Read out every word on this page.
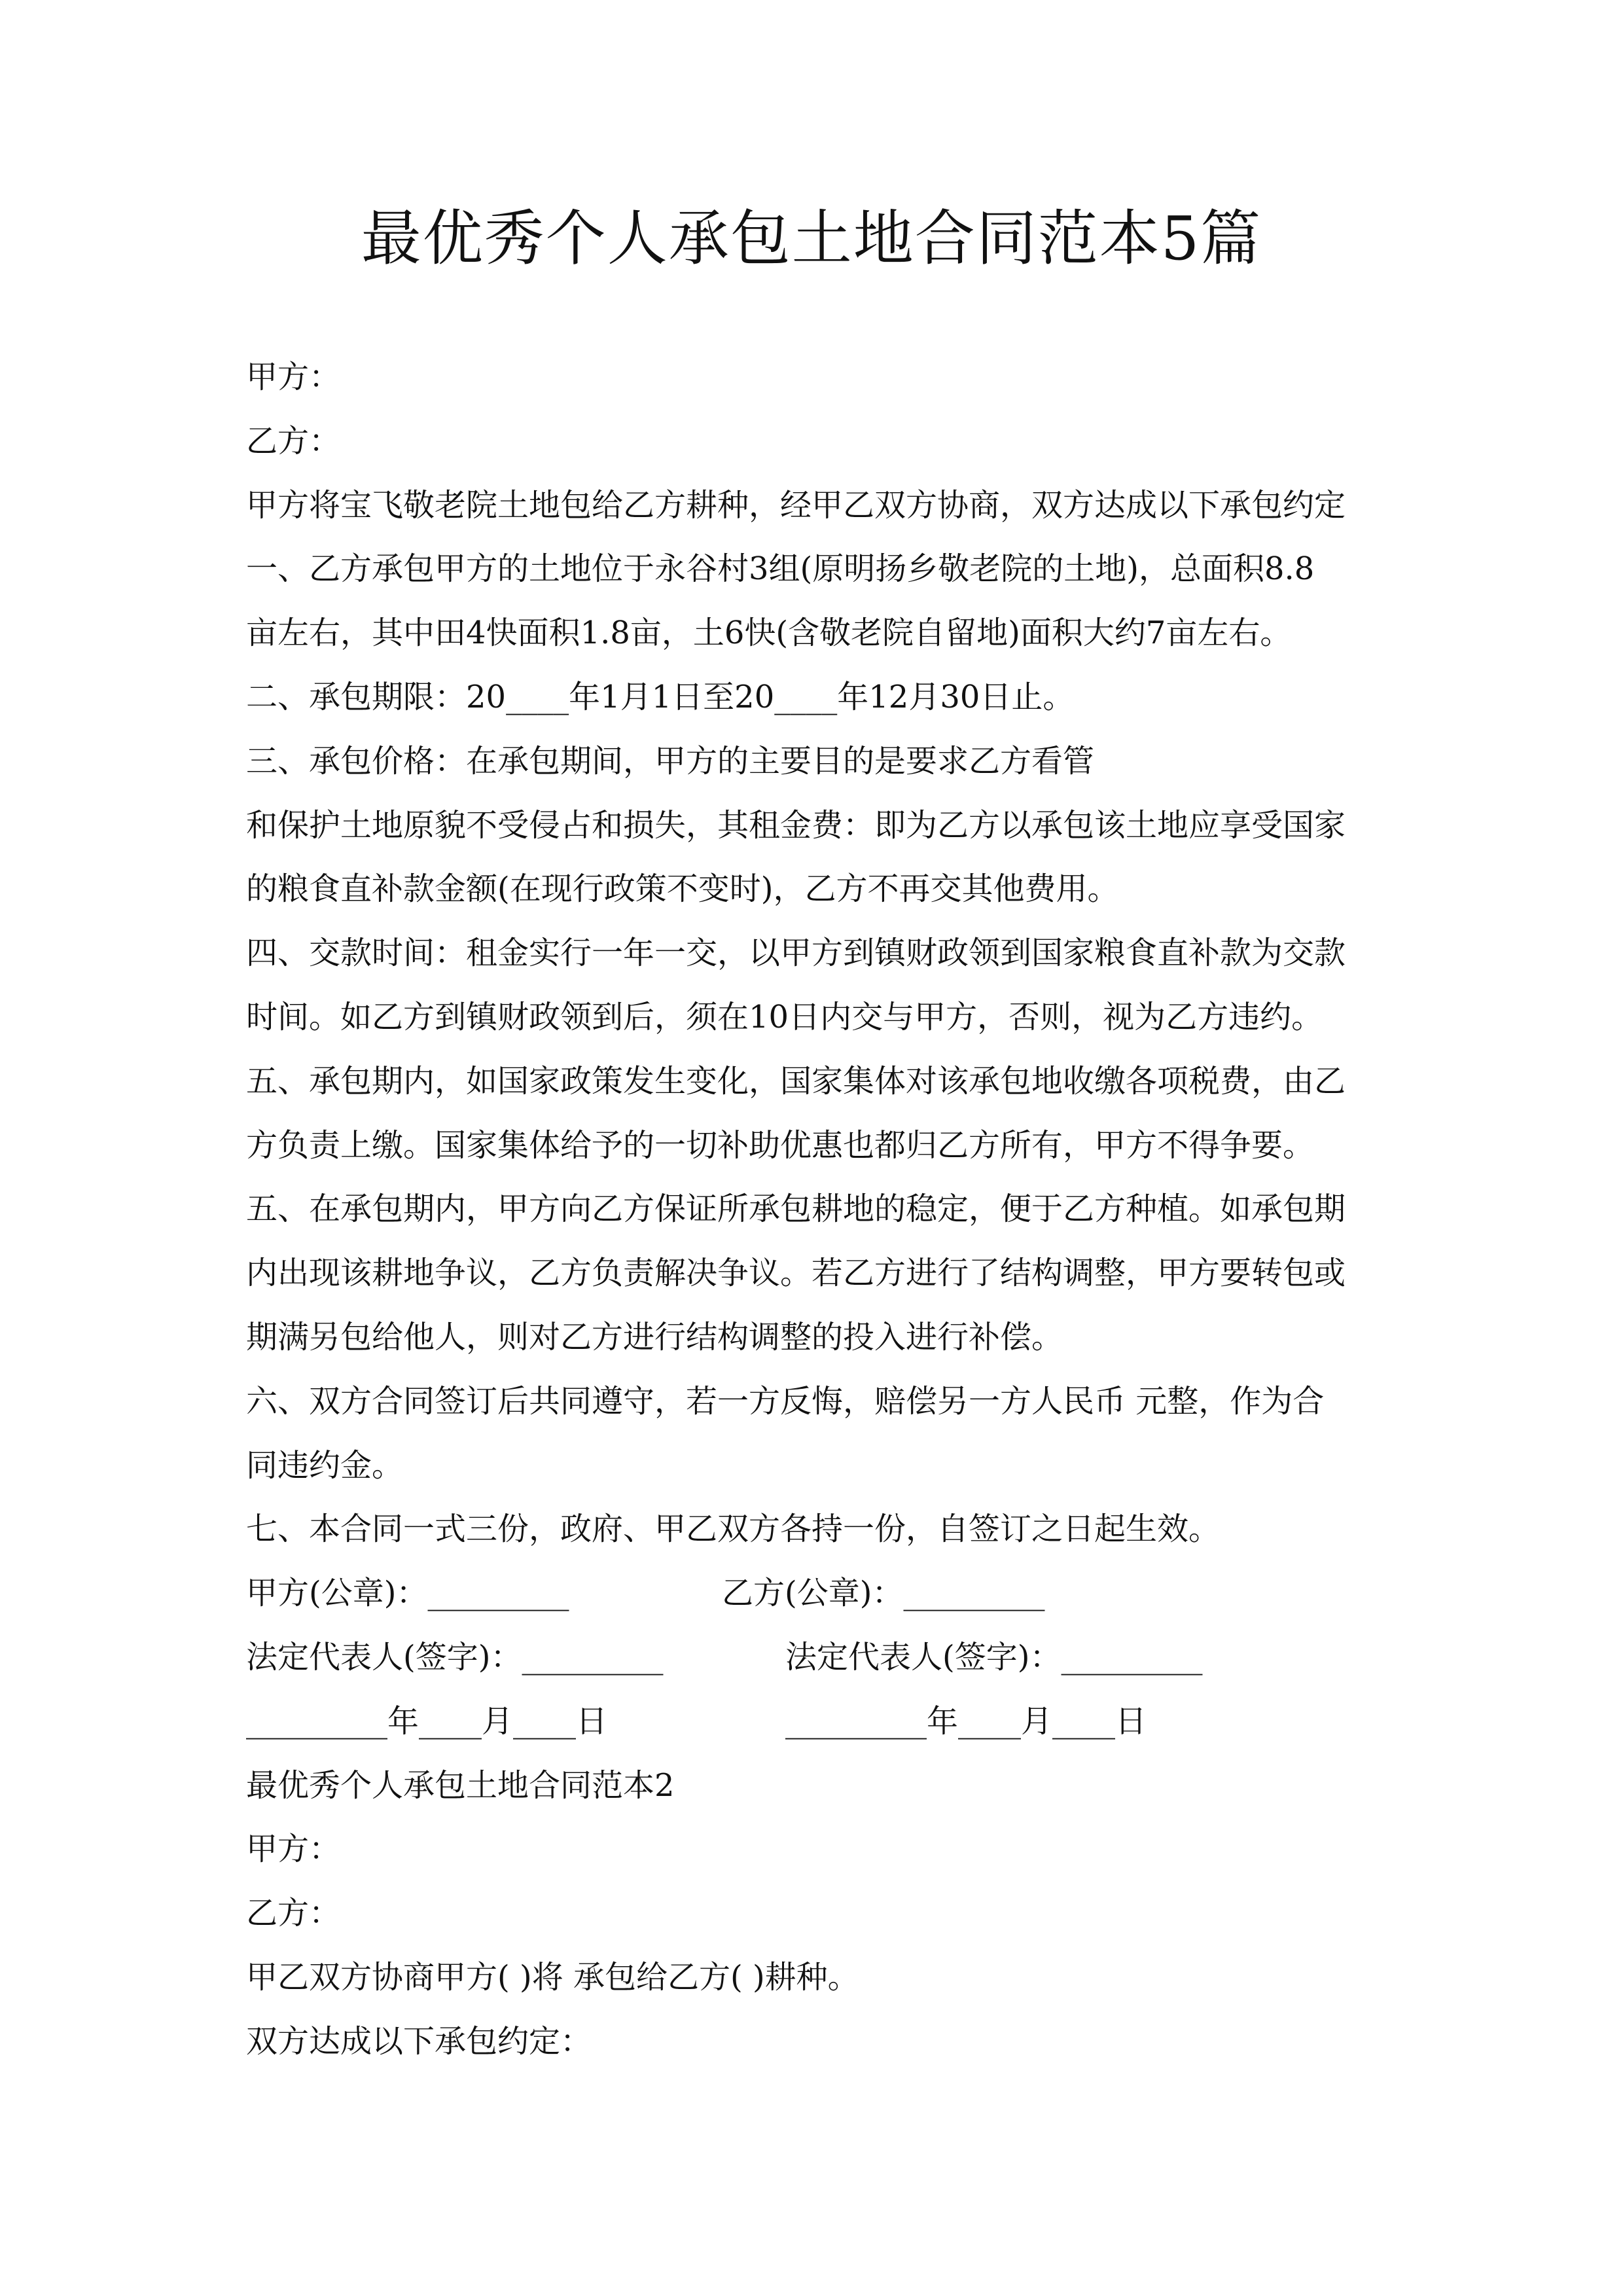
最优秀个人承包土地合同范本5篇
甲方：
乙方：
甲方将宝飞敬老院土地包给乙方耕种，经甲乙双方协商，双方达成以下承包约定
一、乙方承包甲方的土地位于永谷村3组(原明扬乡敬老院的土地)，总面积8.8
亩左右，其中田4快面积1.8亩，土6快(含敬老院自留地)面积大约7亩左右。
二、承包期限：20____年1月1日至20____年12月30日止。
三、承包价格：在承包期间，甲方的主要目的是要求乙方看管
和保护土地原貌不受侵占和损失，其租金费：即为乙方以承包该土地应享受国家
的粮食直补款金额(在现行政策不变时)，乙方不再交其他费用。
四、交款时间：租金实行一年一交，以甲方到镇财政领到国家粮食直补款为交款
时间。如乙方到镇财政领到后，须在10日内交与甲方，否则，视为乙方违约。
五、承包期内，如国家政策发生变化，国家集体对该承包地收缴各项税费，由乙
方负责上缴。国家集体给予的一切补助优惠也都归乙方所有，甲方不得争要。
五、在承包期内，甲方向乙方保证所承包耕地的稳定，便于乙方种植。如承包期
内出现该耕地争议，乙方负责解决争议。若乙方进行了结构调整，甲方要转包或
期满另包给他人，则对乙方进行结构调整的投入进行补偿。
六、双方合同签订后共同遵守，若一方反悔，赔偿另一方人民币 元整，作为合
同违约金。
七、本合同一式三份，政府、甲乙双方各持一份，自签订之日起生效。
甲方(公章)：_________	乙方(公章)：_________
法定代表人(签字)：_________	法定代表人(签字)：_________
_________年____月____日	_________年____月____日
最优秀个人承包土地合同范本2
甲方：
乙方：
甲乙双方协商甲方( )将 承包给乙方( )耕种。
双方达成以下承包约定：
